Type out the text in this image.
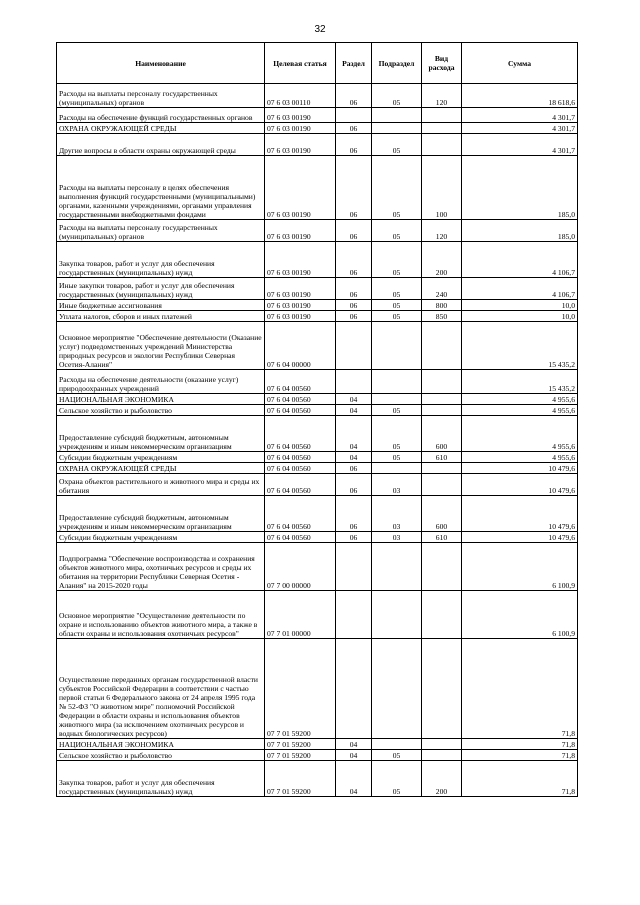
32
Наименование	Целевая статья	Раздел	Подраздел	Вид расхода	Сумма
Расходы на выплаты персоналу государственных (муниципальных) органов	07 6 03 00110	06	05	120	18 618,6
Расходы на обеспечение функций государственных органов	07 6 03 00190				4 301,7
ОХРАНА ОКРУЖАЮЩЕЙ СРЕДЫ	07 6 03 00190	06			4 301,7
Другие вопросы в области охраны окружающей среды	07 6 03 00190	06	05		4 301,7
Расходы на выплаты персоналу в целях обеспечения выполнения функций государственными (муниципальными) органами, казенными учреждениями, органами управления государственными внебюджетными фондами	07 6 03 00190	06	05	100	185,0
Расходы на выплаты персоналу государственных (муниципальных) органов	07 6 03 00190	06	05	120	185,0
Закупка товаров, работ и услуг для обеспечения государственных (муниципальных) нужд	07 6 03 00190	06	05	200	4 106,7
Иные закупки товаров, работ и услуг для обеспечения государственных (муниципальных) нужд	07 6 03 00190	06	05	240	4 106,7
Иные бюджетные ассигнования	07 6 03 00190	06	05	800	10,0
Уплата налогов, сборов и иных платежей	07 6 03 00190	06	05	850	10,0
Основное мероприятие "Обеспечение деятельности (Оказание услуг) подведомственных учреждений Министерства природных ресурсов и экологии Республики Северная Осетия-Алания"	07 6 04 00000				15 435,2
Расходы на обеспечение деятельности (оказание услуг) природоохранных учреждений	07 6 04 00560				15 435,2
НАЦИОНАЛЬНАЯ ЭКОНОМИКА	07 6 04 00560	04			4 955,6
Сельское хозяйство и рыболовство	07 6 04 00560	04	05		4 955,6
Предоставление субсидий бюджетным, автономным учреждениям и иным некоммерческим организациям	07 6 04 00560	04	05	600	4 955,6
Субсидии бюджетным учреждениям	07 6 04 00560	04	05	610	4 955,6
ОХРАНА ОКРУЖАЮЩЕЙ СРЕДЫ	07 6 04 00560	06			10 479,6
Охрана объектов растительного и животного мира и среды их обитания	07 6 04 00560	06	03		10 479,6
Предоставление субсидий бюджетным, автономным учреждениям и иным некоммерческим организациям	07 6 04 00560	06	03	600	10 479,6
Субсидии бюджетным учреждениям	07 6 04 00560	06	03	610	10 479,6
Подпрограмма "Обеспечение воспроизводства и сохранения объектов животного мира, охотничьих ресурсов и среды их обитания на территории Республики Северная Осетия - Алания" на 2015-2020 годы	07 7 00 00000				6 100,9
Основное мероприятие "Осуществление деятельности по охране и использованию объектов животного мира, а также в области охраны и использования охотничьих ресурсов"	07 7 01 00000				6 100,9
Осуществление переданных органам государственной власти субъектов Российской Федерации в соответствии с частью первой статьи 6 Федерального закона от 24 апреля 1995 года № 52-ФЗ "О животном мире" полномочий Российской Федерации в области охраны и использования объектов животного мира (за исключением охотничьих ресурсов и водных биологических ресурсов)	07 7 01 59200				71,8
НАЦИОНАЛЬНАЯ ЭКОНОМИКА	07 7 01 59200	04			71,8
Сельское хозяйство и рыболовство	07 7 01 59200	04	05		71,8
Закупка товаров, работ и услуг для обеспечения государственных (муниципальных) нужд	07 7 01 59200	04	05	200	71,8
